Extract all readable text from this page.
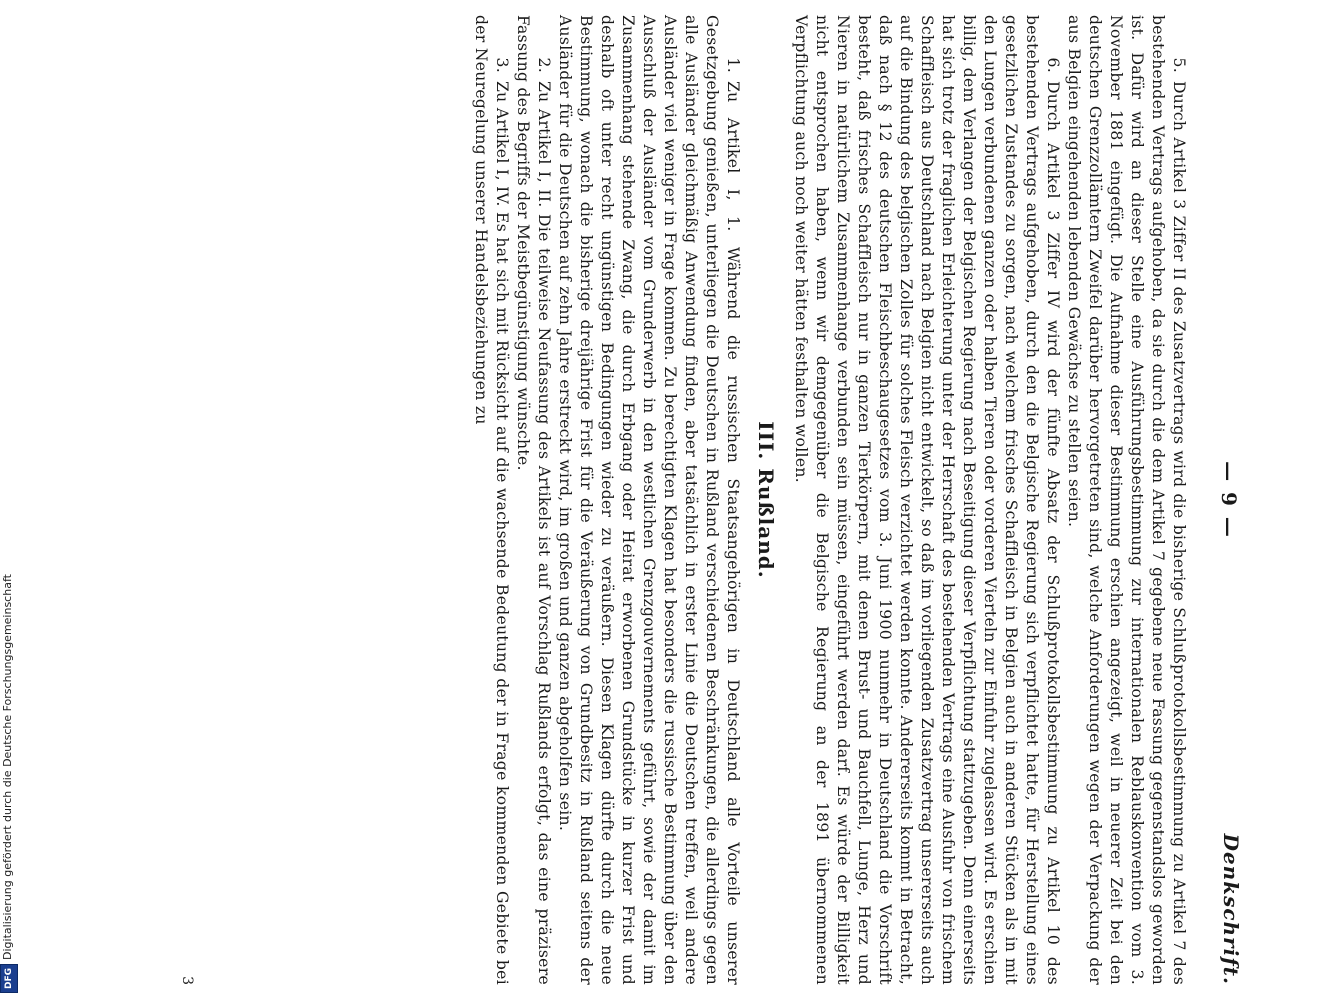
— 9 —
Denkschrift.

5.Durch Artikel 3 Ziffer II des Zusatzvertrags wird die bisherige Schlußprotokollsbestimmung zu Artikel 7 des bestehenden Vertrags aufgehoben, da sie durch die dem Artikel 7 gegebene neue Fassung gegenstandslos geworden ist. Dafür wird an dieser Stelle eine Ausführungsbestimmung zur internationalen Reblauskonvention vom 3. November 1881 eingefügt. Die Aufnahme dieser Bestimmung erschien angezeigt, weil in neuerer Zeit bei den deutschen Grenzzollämtern Zweifel darüber hervorgetreten sind, welche Anforderungen wegen der Verpackung der aus Belgien eingehenden lebenden Gewächse zu stellen seien.

6.Durch Artikel 3 Ziffer IV wird der fünfte Absatz der Schlußprotokollsbestimmung zu Artikel 10 des bestehenden Vertrags aufgehoben, durch den die Belgische Regierung sich verpflichtet hatte, für Herstellung eines gesetzlichen Zustandes zu sorgen, nach welchem frisches Schaffleisch in Belgien auch in anderen Stücken als in mit den Lungen verbundenen ganzen oder halben Tieren oder vorderen Vierteln zur Einfuhr zugelassen wird. Es erschien billig, dem Verlangen der Belgischen Regierung nach Beseitigung dieser Verpflichtung stattzugeben. Denn einerseits hat sich trotz der fraglichen Erleichterung unter der Herrschaft des bestehenden Vertrags eine Ausfuhr von frischem Schaffleisch aus Deutschland nach Belgien nicht entwickelt, so daß im vorliegenden Zusatzvertrag unsererseits auch auf die Bindung des belgischen Zolles für solches Fleisch verzichtet werden konnte. Andererseits kommt in Betracht, daß nach § 12 des deutschen Fleischbeschaugesetzes vom 3. Juni 1900 nunmehr in Deutschland die Vorschrift besteht, daß frisches Schaffleisch nur in ganzen Tierkörpern, mit denen Brust- und Bauchfell, Lunge, Herz und Nieren in natürlichem Zusammenhange verbunden sein müssen, eingeführt werden darf. Es würde der Billigkeit nicht entsprochen haben, wenn wir demgegenüber die Belgische Regierung an der 1891 übernommenen Verpflichtung auch noch weiter hätten festhalten wollen.

III. Rußland.

1.Zu Artikel I, 1. Während die russischen Staatsangehörigen in Deutschland alle Vorteile unserer Gesetzgebung genießen, unterliegen die Deutschen in Rußland verschiedenen Beschränkungen, die allerdings gegen alle Ausländer gleichmäßig Anwendung finden, aber tatsächlich in erster Linie die Deutschen treffen, weil andere Ausländer viel weniger in Frage kommen. Zu berechtigten Klagen hat besonders die russische Bestimmung über den Ausschluß der Ausländer vom Grunderwerb in den westlichen Grenzgouvernements geführt, sowie der damit im Zusammenhang stehende Zwang, die durch Erbgang oder Heirat erworbenen Grundstücke in kurzer Frist und deshalb oft unter recht ungünstigen Bedingungen wieder zu veräußern. Diesen Klagen dürfte durch die neue Bestimmung, wonach die bisherige dreijährige Frist für die Veräußerung von Grundbesitz in Rußland seitens der Ausländer für die Deutschen auf zehn Jahre erstreckt wird, im großen und ganzen abgeholfen sein.

2.Zu Artikel I, II. Die teilweise Neufassung des Artikels ist auf Vorschlag Rußlands erfolgt, das eine präzisere Fassung des Begriffs der Meistbegünstigung wünschte.

3.Zu Artikel I, IV. Es hat sich mit Rücksicht auf die wachsende Bedeutung der in Frage kommenden Gebiete bei der Neuregelung unserer Handelsbeziehungen zu

3
DFGDigitalisierung gefördert durch die Deutsche Forschungsgemeinschaft
